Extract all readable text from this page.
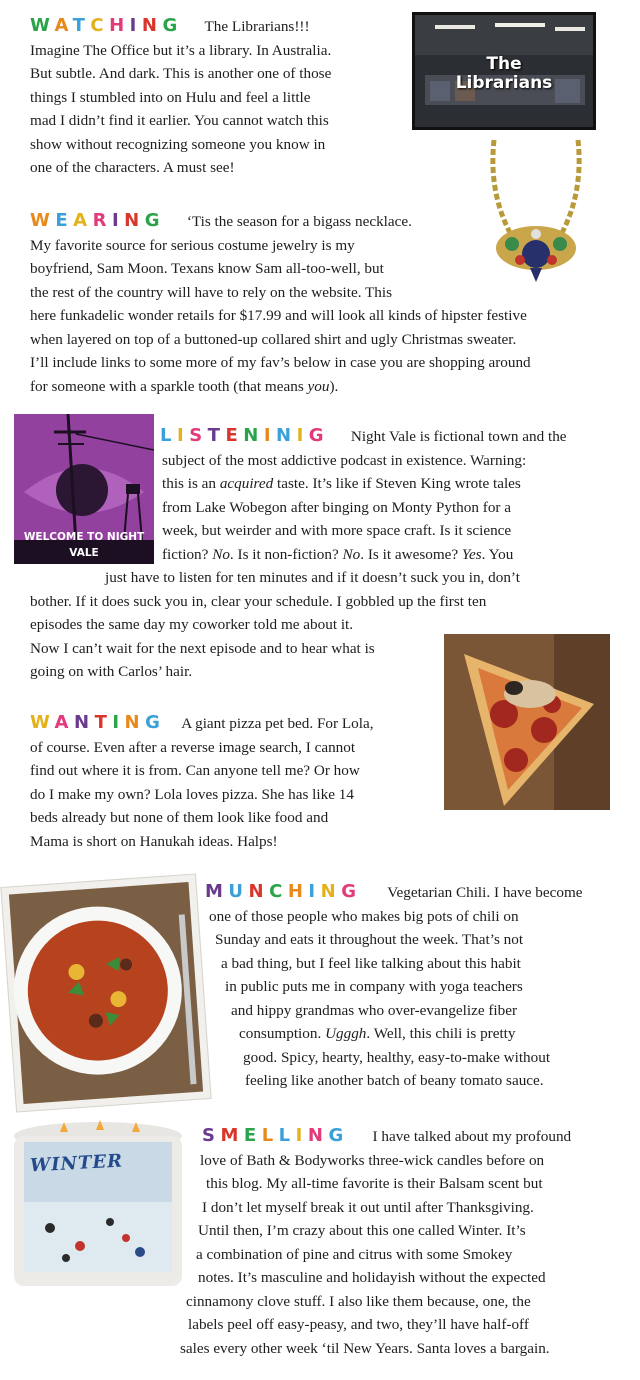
WATCHING The Librarians!!!
Imagine The Office but it’s a library. In Australia.
But subtle. And dark. This is another one of those
things I stumbled into on Hulu and feel a little
mad I didn’t find it earlier. You cannot watch this
show without recognizing someone you know in
one of the characters. A must see!
The
Librarians
WEARING ‘Tis the season for a bigass necklace.
My favorite source for serious costume jewelry is my
boyfriend, Sam Moon. Texans know Sam all-too-well, but
the rest of the country will have to rely on the website. This
here funkadelic wonder retails for $17.99 and will look all kinds of hipster festive
when layered on top of a buttoned-up collared shirt and ugly Christmas sweater.
I’ll include links to some more of my fav’s below in case you are shopping around
for someone with a sparkle tooth (that means you).
WELCOME TO NIGHT VALE
LISTENINIG Night Vale is fictional town and the
subject of the most addictive podcast in existence. Warning:
this is an acquired taste. It’s like if Steven King wrote tales
from Lake Wobegon after binging on Monty Python for a
week, but weirder and with more space craft. Is it science
fiction? No. Is it non-fiction? No. Is it awesome? Yes. You
just have to listen for ten minutes and if it doesn’t suck you in, don’t
bother. If it does suck you in, clear your schedule. I gobbled up the first ten
episodes the same day my coworker told me about it.
Now I can’t wait for the next episode and to hear what is
going on with Carlos’ hair.
WANTING A giant pizza pet bed. For Lola,
of course. Even after a reverse image search, I cannot
find out where it is from. Can anyone tell me? Or how
do I make my own? Lola loves pizza. She has like 14
beds already but none of them look like food and
Mama is short on Hanukah ideas. Halps!
MUNCHING Vegetarian Chili. I have become
one of those people who makes big pots of chili on
Sunday and eats it throughout the week. That’s not
a bad thing, but I feel like talking about this habit
in public puts me in company with yoga teachers
and hippy grandmas who over-evangelize fiber
consumption. Ugggh. Well, this chili is pretty
good. Spicy, hearty, healthy, easy-to-make without
feeling like another batch of beany tomato sauce.
WINTER
SMELLING I have talked about my profound
love of Bath & Bodyworks three-wick candles before on
this blog. My all-time favorite is their Balsam scent but
I don’t let myself break it out until after Thanksgiving.
Until then, I’m crazy about this one called Winter. It’s
a combination of pine and citrus with some Smokey
notes. It’s masculine and holidayish without the expected
cinnamony clove stuff. I also like them because, one, the
labels peel off easy-peasy, and two, they’ll have half-off
sales every other week ‘til New Years. Santa loves a bargain.
